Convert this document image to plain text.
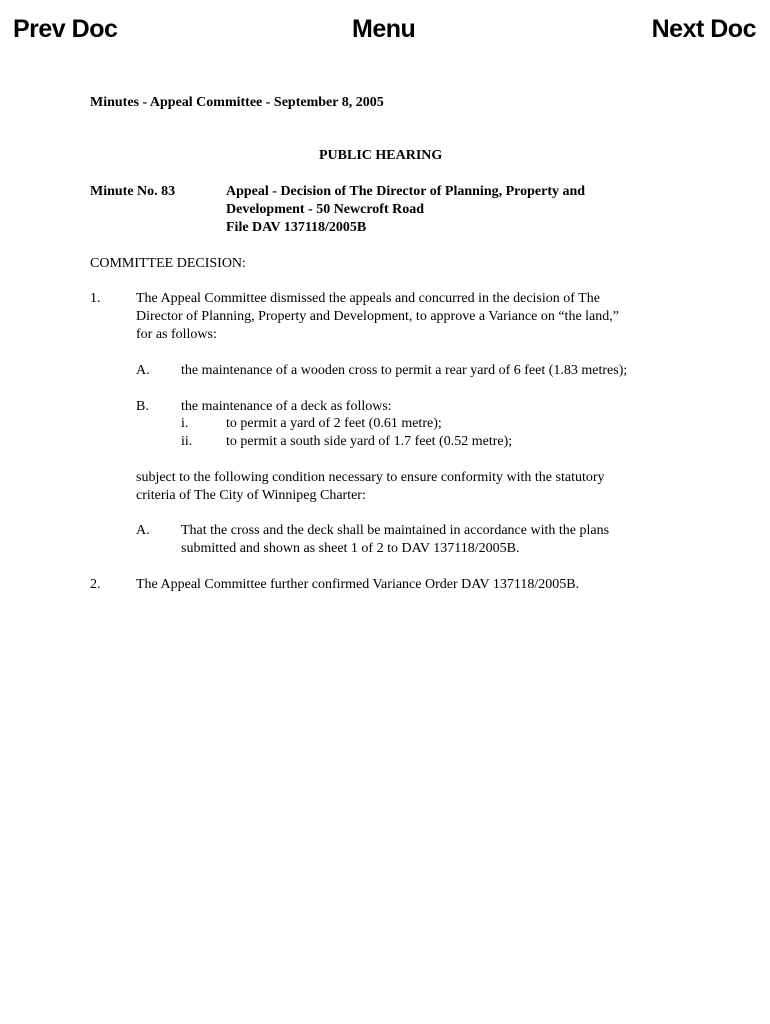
Prev Doc	Menu	Next Doc
Minutes - Appeal Committee - September 8, 2005
PUBLIC HEARING
Minute No. 83	Appeal - Decision of The Director of Planning, Property and
Development - 50 Newcroft Road
File DAV 137118/2005B
COMMITTEE DECISION:
1.	The Appeal Committee dismissed the appeals and concurred in the decision of The
Director of Planning, Property and Development, to approve a Variance on “the land,”
for as follows:
A. the maintenance of a wooden cross to permit a rear yard of 6 feet (1.83 metres);
B. the maintenance of a deck as follows:
i.	to permit a yard of 2 feet (0.61 metre);
ii. to permit a south side yard of 1.7 feet (0.52 metre);
subject to the following condition necessary to ensure conformity with the statutory
criteria of The City of Winnipeg Charter:
A. That the cross and the deck shall be maintained in accordance with the plans
submitted and shown as sheet 1 of 2 to DAV 137118/2005B.
2.	The Appeal Committee further confirmed Variance Order DAV 137118/2005B.
